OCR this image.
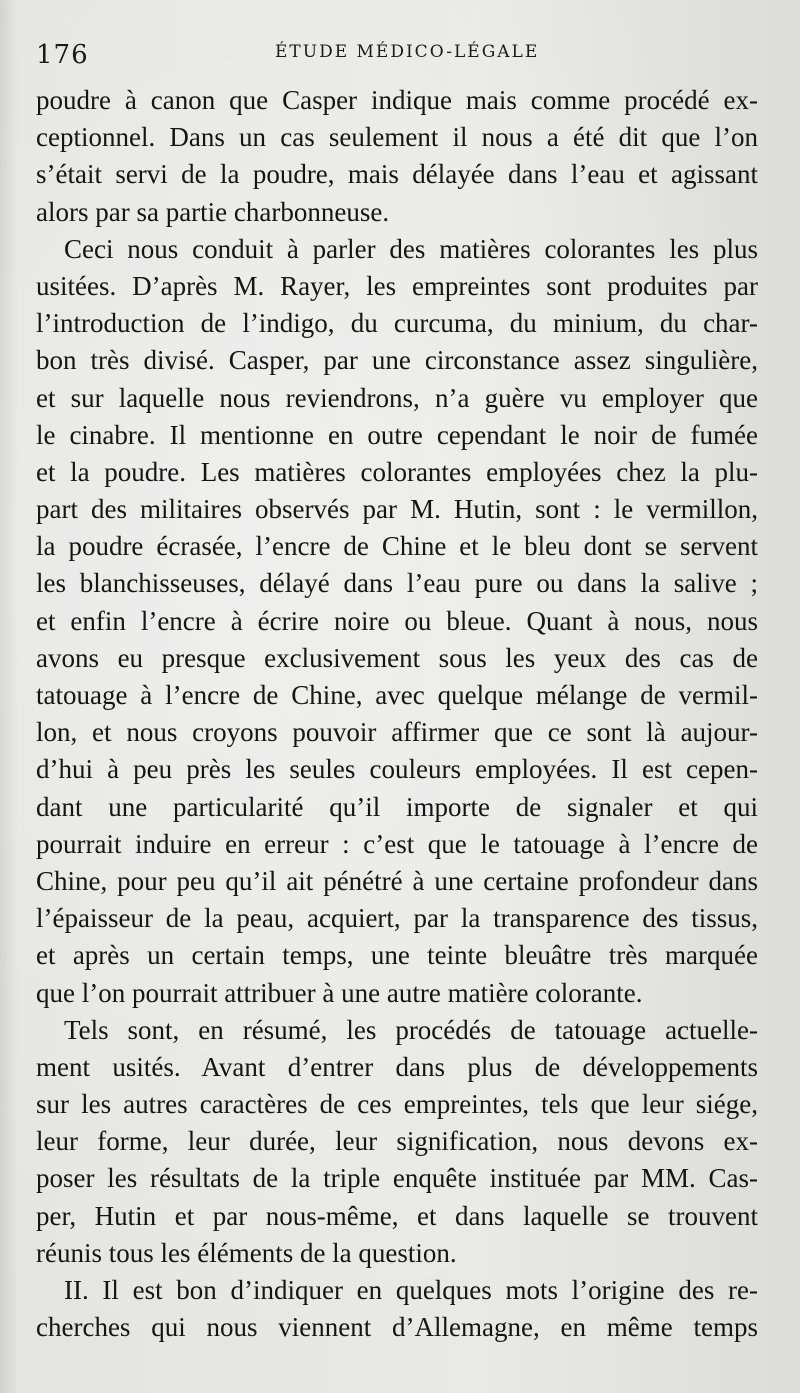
176	ÉTUDE MÉDICO-LÉGALE

poudre à canon que Casper indique mais comme procédé ex-
ceptionnel. Dans un cas seulement il nous a été dit que l’on
s’était servi de la poudre, mais délayée dans l’eau et agissant
alors par sa partie charbonneuse.

Ceci nous conduit à parler des matières colorantes les plus
usitées. D’après M. Rayer, les empreintes sont produites par
l’introduction de l’indigo, du curcuma, du minium, du char-
bon très divisé. Casper, par une circonstance assez singulière,
et sur laquelle nous reviendrons, n’a guère vu employer que
le cinabre. Il mentionne en outre cependant le noir de fumée
et la poudre. Les matières colorantes employées chez la plu-
part des militaires observés par M. Hutin, sont : le vermillon,
la poudre écrasée, l’encre de Chine et le bleu dont se servent
les blanchisseuses, délayé dans l’eau pure ou dans la salive ;
et enfin l’encre à écrire noire ou bleue. Quant à nous, nous
avons eu presque exclusivement sous les yeux des cas de
tatouage à l’encre de Chine, avec quelque mélange de vermil-
lon, et nous croyons pouvoir affirmer que ce sont là aujour-
d’hui à peu près les seules couleurs employées. Il est cepen-
dant une particularité qu’il importe de signaler et qui
pourrait induire en erreur : c’est que le tatouage à l’encre de
Chine, pour peu qu’il ait pénétré à une certaine profondeur dans
l’épaisseur de la peau, acquiert, par la transparence des tissus,
et après un certain temps, une teinte bleuâtre très marquée
que l’on pourrait attribuer à une autre matière colorante.

Tels sont, en résumé, les procédés de tatouage actuelle-
ment usités. Avant d’entrer dans plus de développements
sur les autres caractères de ces empreintes, tels que leur siége,
leur forme, leur durée, leur signification, nous devons ex-
poser les résultats de la triple enquête instituée par MM. Cas-
per, Hutin et par nous-même, et dans laquelle se trouvent
réunis tous les éléments de la question.

II. Il est bon d’indiquer en quelques mots l’origine des re-
cherches qui nous viennent d’Allemagne, en même temps
